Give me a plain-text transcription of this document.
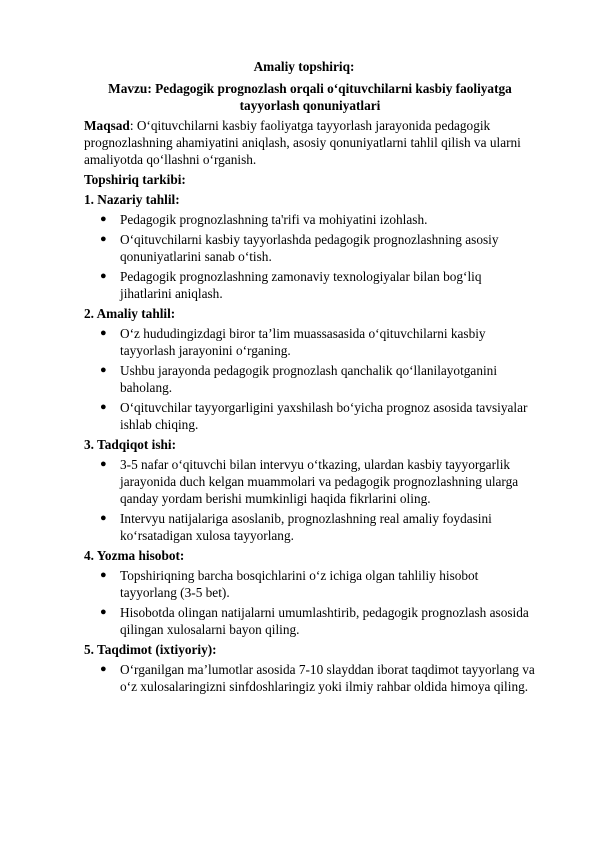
Amaliy topshiriq:
Mavzu: Pedagogik prognozlash orqali o‘qituvchilarni kasbiy faoliyatga tayyorlash qonuniyatlari

Maqsad: O‘qituvchilarni kasbiy faoliyatga tayyorlash jarayonida pedagogik prognozlashning ahamiyatini aniqlash, asosiy qonuniyatlarni tahlil qilish va ularni amaliyotda qo‘llashni o‘rganish.

Topshiriq tarkibi:
1. Nazariy tahlil:
● Pedagogik prognozlashning ta'rifi va mohiyatini izohlash.
● O‘qituvchilarni kasbiy tayyorlashda pedagogik prognozlashning asosiy qonuniyatlarini sanab o‘tish.
● Pedagogik prognozlashning zamonaviy texnologiyalar bilan bog‘liq jihatlarini aniqlash.
2. Amaliy tahlil:
● O‘z hududingizdagi biror ta’lim muassasasida o‘qituvchilarni kasbiy tayyorlash jarayonini o‘rganing.
● Ushbu jarayonda pedagogik prognozlash qanchalik qo‘llanilayotganini baholang.
● O‘qituvchilar tayyorgarligini yaxshilash bo‘yicha prognoz asosida tavsiyalar ishlab chiqing.
3. Tadqiqot ishi:
● 3-5 nafar o‘qituvchi bilan intervyu o‘tkazing, ulardan kasbiy tayyorgarlik jarayonida duch kelgan muammolari va pedagogik prognozlashning ularga qanday yordam berishi mumkinligi haqida fikrlarini oling.
● Intervyu natijalariga asoslanib, prognozlashning real amaliy foydasini ko‘rsatadigan xulosa tayyorlang.
4. Yozma hisobot:
● Topshiriqning barcha bosqichlarini o‘z ichiga olgan tahliliy hisobot tayyorlang (3-5 bet).
● Hisobotda olingan natijalarni umumlashtirib, pedagogik prognozlash asosida qilingan xulosalarni bayon qiling.
5. Taqdimot (ixtiyoriy):
● O‘rganilgan ma’lumotlar asosida 7-10 slayddan iborat taqdimot tayyorlang va o‘z xulosalaringizni sinfdoshlaringiz yoki ilmiy rahbar oldida himoya qiling.
